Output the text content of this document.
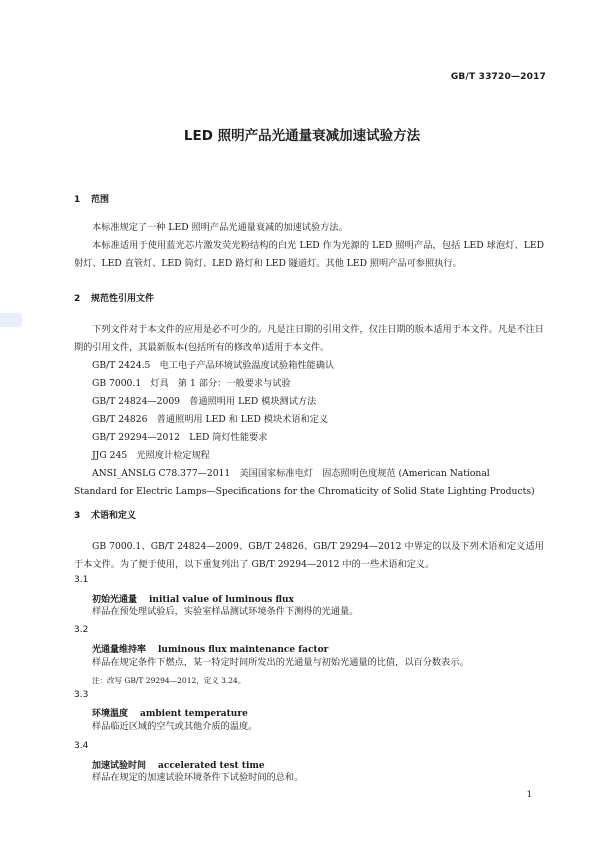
GB/T 33720—2017
LED 照明产品光通量衰减加速试验方法
1 范围
本标准规定了一种 LED 照明产品光通量衰减的加速试验方法。
本标准适用于使用蓝光芯片激发荧光粉结构的白光 LED 作为光源的 LED 照明产品，包括 LED 球泡灯、LED 射灯、LED 直管灯、LED 筒灯、LED 路灯和 LED 隧道灯。其他 LED 照明产品可参照执行。
2 规范性引用文件
下列文件对于本文件的应用是必不可少的。凡是注日期的引用文件，仅注日期的版本适用于本文件。凡是不注日期的引用文件，其最新版本(包括所有的修改单)适用于本文件。
GB/T 2424.5　电工电子产品环境试验温度试验箱性能确认
GB 7000.1　灯具　第 1 部分：一般要求与试验
GB/T 24824—2009　普通照明用 LED 模块测试方法
GB/T 24826　普通照明用 LED 和 LED 模块术语和定义
GB/T 29294—2012　LED 筒灯性能要求
JJG 245　光照度计检定规程
ANSI_ANSLG C78.377—2011　美国国家标准电灯　固态照明色度规范 (American National
Standard for Electric Lamps—Specifications for the Chromaticity of Solid State Lighting Products)
3 术语和定义
GB 7000.1、GB/T 24824—2009、GB/T 24826、GB/T 29294—2012 中界定的以及下列术语和定义适用于本文件。为了便于使用，以下重复列出了 GB/T 29294—2012 中的一些术语和定义。
3.1
初始光通量 initial value of luminous flux
样品在预处理试验后，实验室样品测试环境条件下测得的光通量。
3.2
光通量维持率 luminous flux maintenance factor
样品在规定条件下燃点，某一特定时间所发出的光通量与初始光通量的比值，以百分数表示。
注：改写 GB/T 29294—2012，定义 3.24。
3.3
环境温度 ambient temperature
样品临近区域的空气或其他介质的温度。
3.4
加速试验时间 accelerated test time
样品在规定的加速试验环境条件下试验时间的总和。
1
